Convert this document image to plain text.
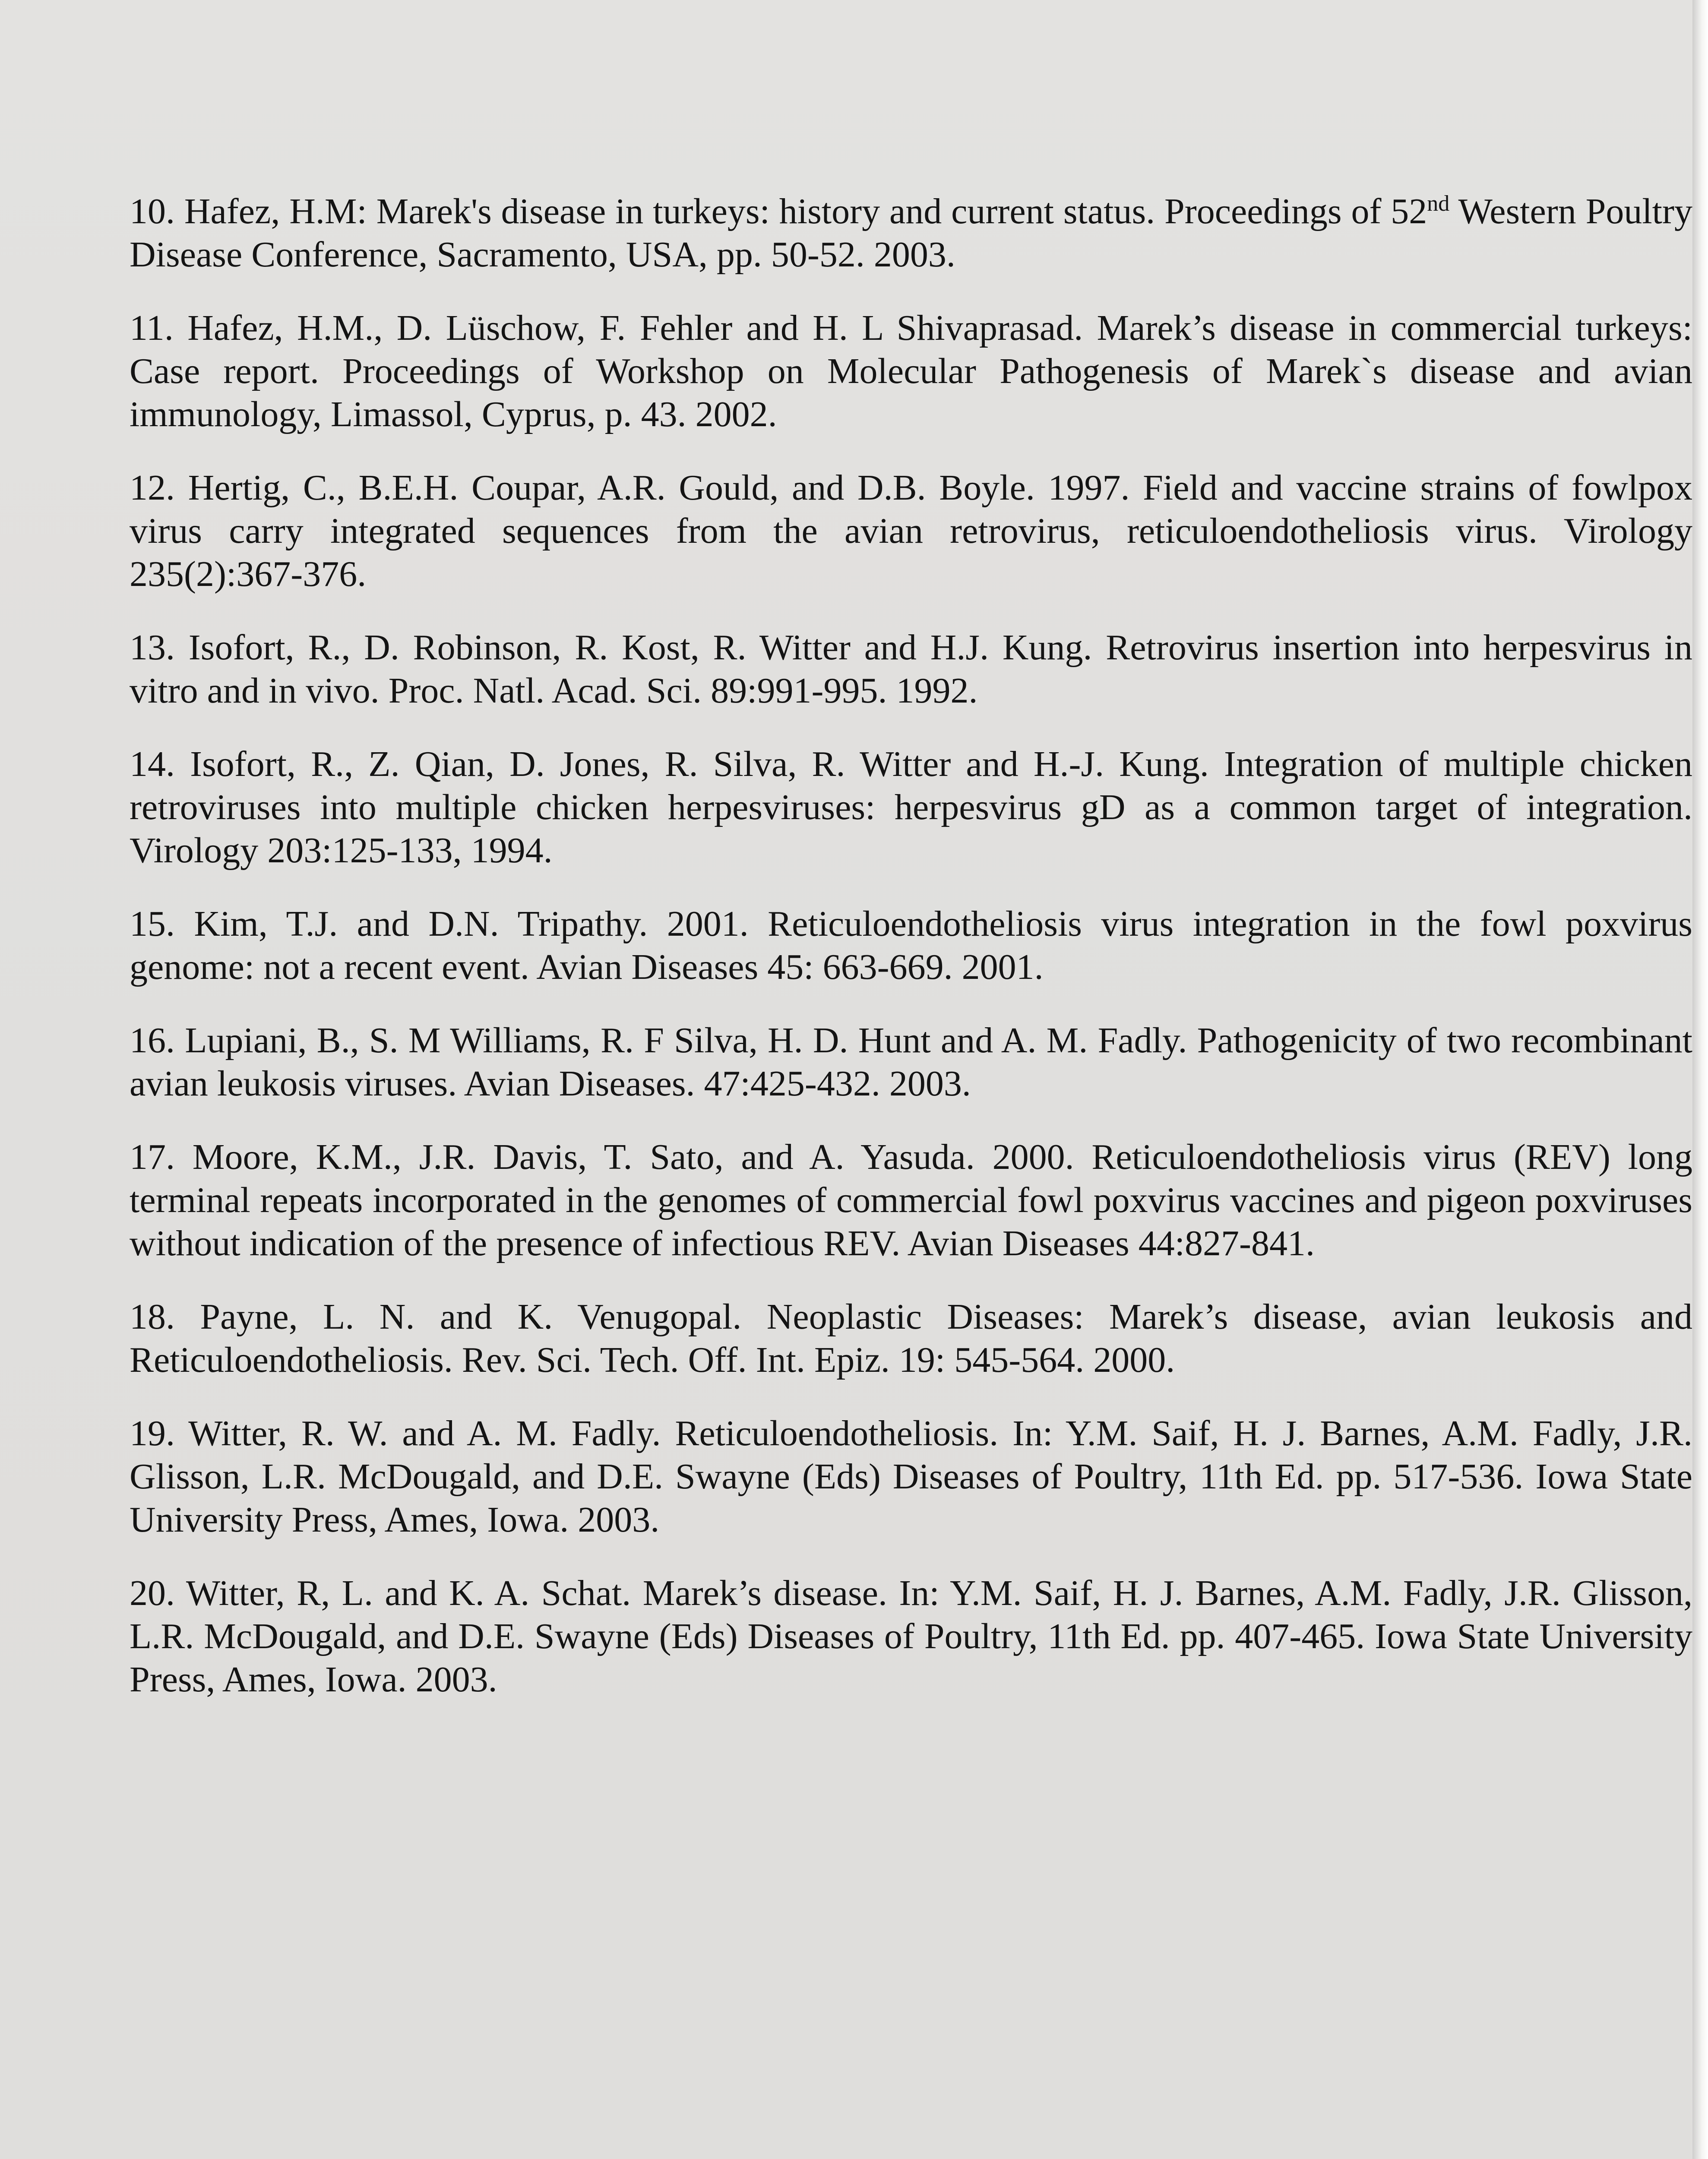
10. Hafez, H.M: Marek's disease in turkeys: history and current status. Proceedings of 52nd Western Poultry Disease Conference, Sacramento, USA, pp. 50-52. 2003.
11. Hafez, H.M., D. Lüschow, F. Fehler and H. L Shivaprasad. Marek’s disease in commercial turkeys: Case report. Proceedings of Workshop on Molecular Pathogenesis of Marek`s disease and avian immunology, Limassol, Cyprus, p. 43. 2002.
12. Hertig, C., B.E.H. Coupar, A.R. Gould, and D.B. Boyle. 1997. Field and vaccine strains of fowlpox virus carry integrated sequences from the avian retrovirus, reticuloendotheliosis virus. Virology 235(2):367-376.
13. Isofort, R., D. Robinson, R. Kost, R. Witter and H.J. Kung. Retrovirus insertion into herpesvirus in vitro and in vivo. Proc. Natl. Acad. Sci. 89:991-995. 1992.
14. Isofort, R., Z. Qian, D. Jones, R. Silva, R. Witter and H.-J. Kung. Integration of multiple chicken retroviruses into multiple chicken herpesviruses: herpesvirus gD as a common target of integration. Virology 203:125-133, 1994.
15. Kim, T.J. and D.N. Tripathy. 2001. Reticuloendotheliosis virus integration in the fowl poxvirus genome: not a recent event. Avian Diseases 45: 663-669. 2001.
16. Lupiani, B., S. M Williams, R. F Silva, H. D. Hunt and A. M. Fadly. Pathogenicity of two recombinant avian leukosis viruses. Avian Diseases. 47:425-432. 2003.
17. Moore, K.M., J.R. Davis, T. Sato, and A. Yasuda. 2000. Reticuloendotheliosis virus (REV) long terminal repeats incorporated in the genomes of commercial fowl poxvirus vaccines and pigeon poxviruses without indication of the presence of infectious REV. Avian Diseases 44:827-841.
18. Payne, L. N. and K. Venugopal. Neoplastic Diseases: Marek’s disease, avian leukosis and Reticuloendotheliosis. Rev. Sci. Tech. Off. Int. Epiz. 19: 545-564. 2000.
19. Witter, R. W. and A. M. Fadly. Reticuloendotheliosis. In: Y.M. Saif, H. J. Barnes, A.M. Fadly, J.R. Glisson, L.R. McDougald, and D.E. Swayne (Eds) Diseases of Poultry, 11th Ed. pp. 517-536. Iowa State University Press, Ames, Iowa. 2003.
20. Witter, R, L. and K. A. Schat. Marek’s disease. In: Y.M. Saif, H. J. Barnes, A.M. Fadly, J.R. Glisson, L.R. McDougald, and D.E. Swayne (Eds) Diseases of Poultry, 11th Ed. pp. 407-465. Iowa State University Press, Ames, Iowa. 2003.
